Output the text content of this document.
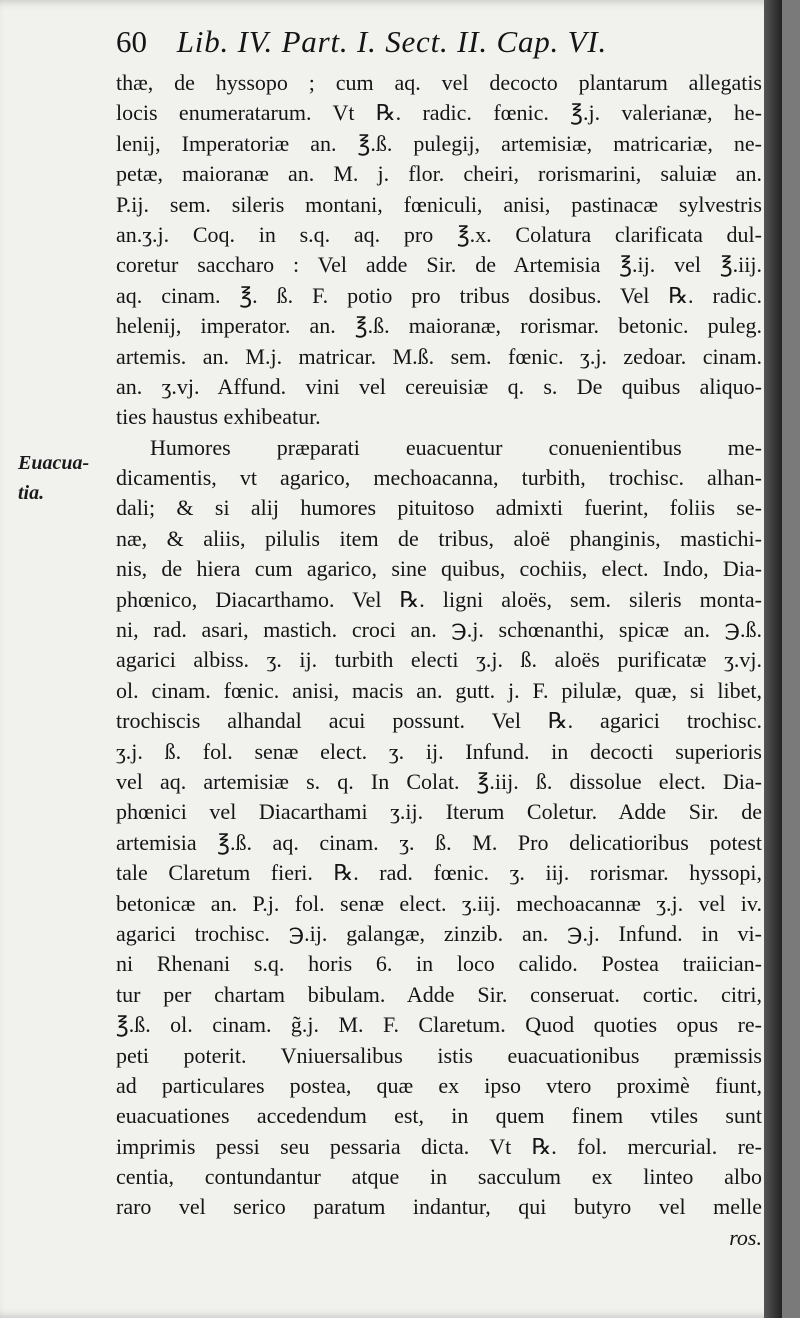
60 Lib. IV. Part. I. Sect. II. Cap. VI.
Euacua-
tia.
thæ, de hyssopo ; cum aq. vel decocto plantarum allegatis
locis enumeratarum. Vt ℞. radic. fœnic. ℥.j. valerianæ, he-
lenij, Imperatoriæ an. ℥.ß. pulegij, artemisiæ, matricariæ, ne-
petæ, maioranæ an. M. j. flor. cheiri, rorismarini, saluiæ an.
P.ij. sem. sileris montani, fœniculi, anisi, pastinacæ sylvestris
an.ʒ.j. Coq. in s.q. aq. pro ℥.x. Colatura clarificata dul-
coretur saccharo : Vel adde Sir. de Artemisia ℥.ij. vel ℥.iij.
aq. cinam. ℥. ß. F. potio pro tribus dosibus. Vel ℞. radic.
helenij, imperator. an. ℥.ß. maioranæ, rorismar. betonic. puleg.
artemis. an. M.j. matricar. M.ß. sem. fœnic. ʒ.j. zedoar. cinam.
an. ʒ.vj. Affund. vini vel cereuisiæ q. s. De quibus aliquo-
ties haustus exhibeatur.
Humores præparati euacuentur conuenientibus me-
dicamentis, vt agarico, mechoacanna, turbith, trochisc. alhan-
dali; & si alij humores pituitoso admixti fuerint, foliis se-
næ, & aliis, pilulis item de tribus, aloë phanginis, mastichi-
nis, de hiera cum agarico, sine quibus, cochiis, elect. Indo, Dia-
phœnico, Diacarthamo. Vel ℞. ligni aloës, sem. sileris monta-
ni, rad. asari, mastich. croci an. ℈.j. schœnanthi, spicæ an. ℈.ß.
agarici albiss. ʒ. ij. turbith electi ʒ.j. ß. aloës purificatæ ʒ.vj.
ol. cinam. fœnic. anisi, macis an. gutt. j. F. pilulæ, quæ, si libet,
trochiscis alhandal acui possunt. Vel ℞. agarici trochisc.
ʒ.j. ß. fol. senæ elect. ʒ. ij. Infund. in decocti superioris
vel aq. artemisiæ s. q. In Colat. ℥.iij. ß. dissolue elect. Dia-
phœnici vel Diacarthami ʒ.ij. Iterum Coletur. Adde Sir. de
artemisia ℥.ß. aq. cinam. ʒ. ß. M. Pro delicatioribus potest
tale Claretum fieri. ℞. rad. fœnic. ʒ. iij. rorismar. hyssopi,
betonicæ an. P.j. fol. senæ elect. ʒ.iij. mechoacannæ ʒ.j. vel iv.
agarici trochisc. ℈.ij. galangæ, zinzib. an. ℈.j. Infund. in vi-
ni Rhenani s.q. horis 6. in loco calido. Postea traiician-
tur per chartam bibulam. Adde Sir. conseruat. cortic. citri,
℥.ß. ol. cinam. g̃.j. M. F. Claretum. Quod quoties opus re-
peti poterit. Vniuersalibus istis euacuationibus præmissis
ad particulares postea, quæ ex ipso vtero proximè fiunt,
euacuationes accedendum est, in quem finem vtiles sunt
imprimis pessi seu pessaria dicta. Vt ℞. fol. mercurial. re-
centia, contundantur atque in sacculum ex linteo albo
raro vel serico paratum indantur, qui butyro vel melle
ros.
